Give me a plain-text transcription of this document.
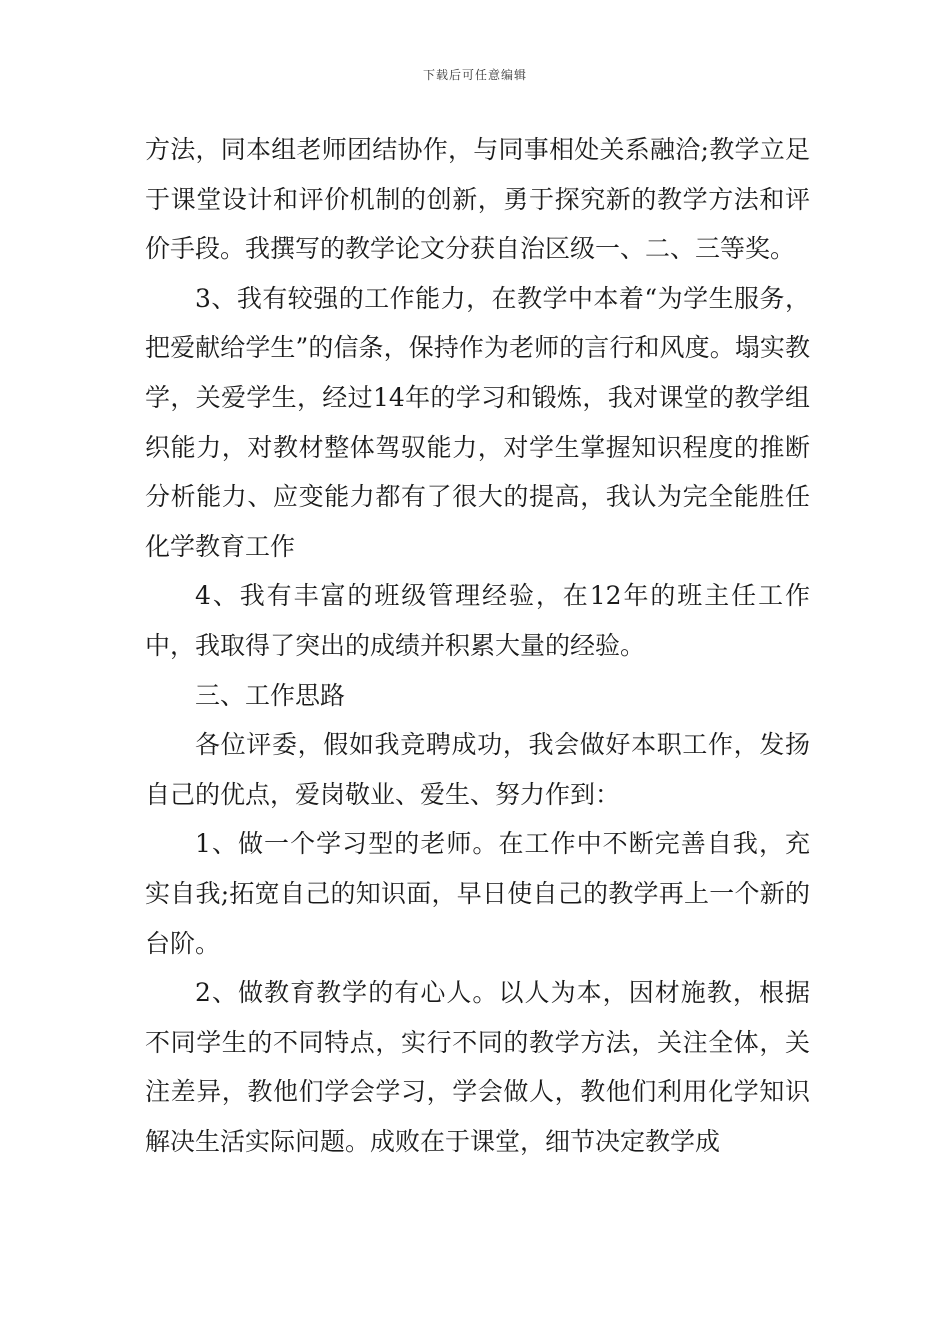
下载后可任意编辑

方法，同本组老师团结协作，与同事相处关系融洽;教学立足于课堂设计和评价机制的创新，勇于探究新的教学方法和评价手段。我撰写的教学论文分获自治区级一、二、三等奖。

3、我有较强的工作能力，在教学中本着“为学生服务，把爱献给学生”的信条，保持作为老师的言行和风度。塌实教学，关爱学生，经过14年的学习和锻炼，我对课堂的教学组织能力，对教材整体驾驭能力，对学生掌握知识程度的推断分析能力、应变能力都有了很大的提高，我认为完全能胜任化学教育工作

4、我有丰富的班级管理经验，在12年的班主任工作中，我取得了突出的成绩并积累大量的经验。

三、工作思路

各位评委，假如我竞聘成功，我会做好本职工作，发扬自己的优点，爱岗敬业、爱生、努力作到：

1、做一个学习型的老师。在工作中不断完善自我，充实自我;拓宽自己的知识面，早日使自己的教学再上一个新的台阶。

2、做教育教学的有心人。以人为本，因材施教，根据不同学生的不同特点，实行不同的教学方法，关注全体，关注差异，教他们学会学习，学会做人，教他们利用化学知识解决生活实际问题。成败在于课堂，细节决定教学成
